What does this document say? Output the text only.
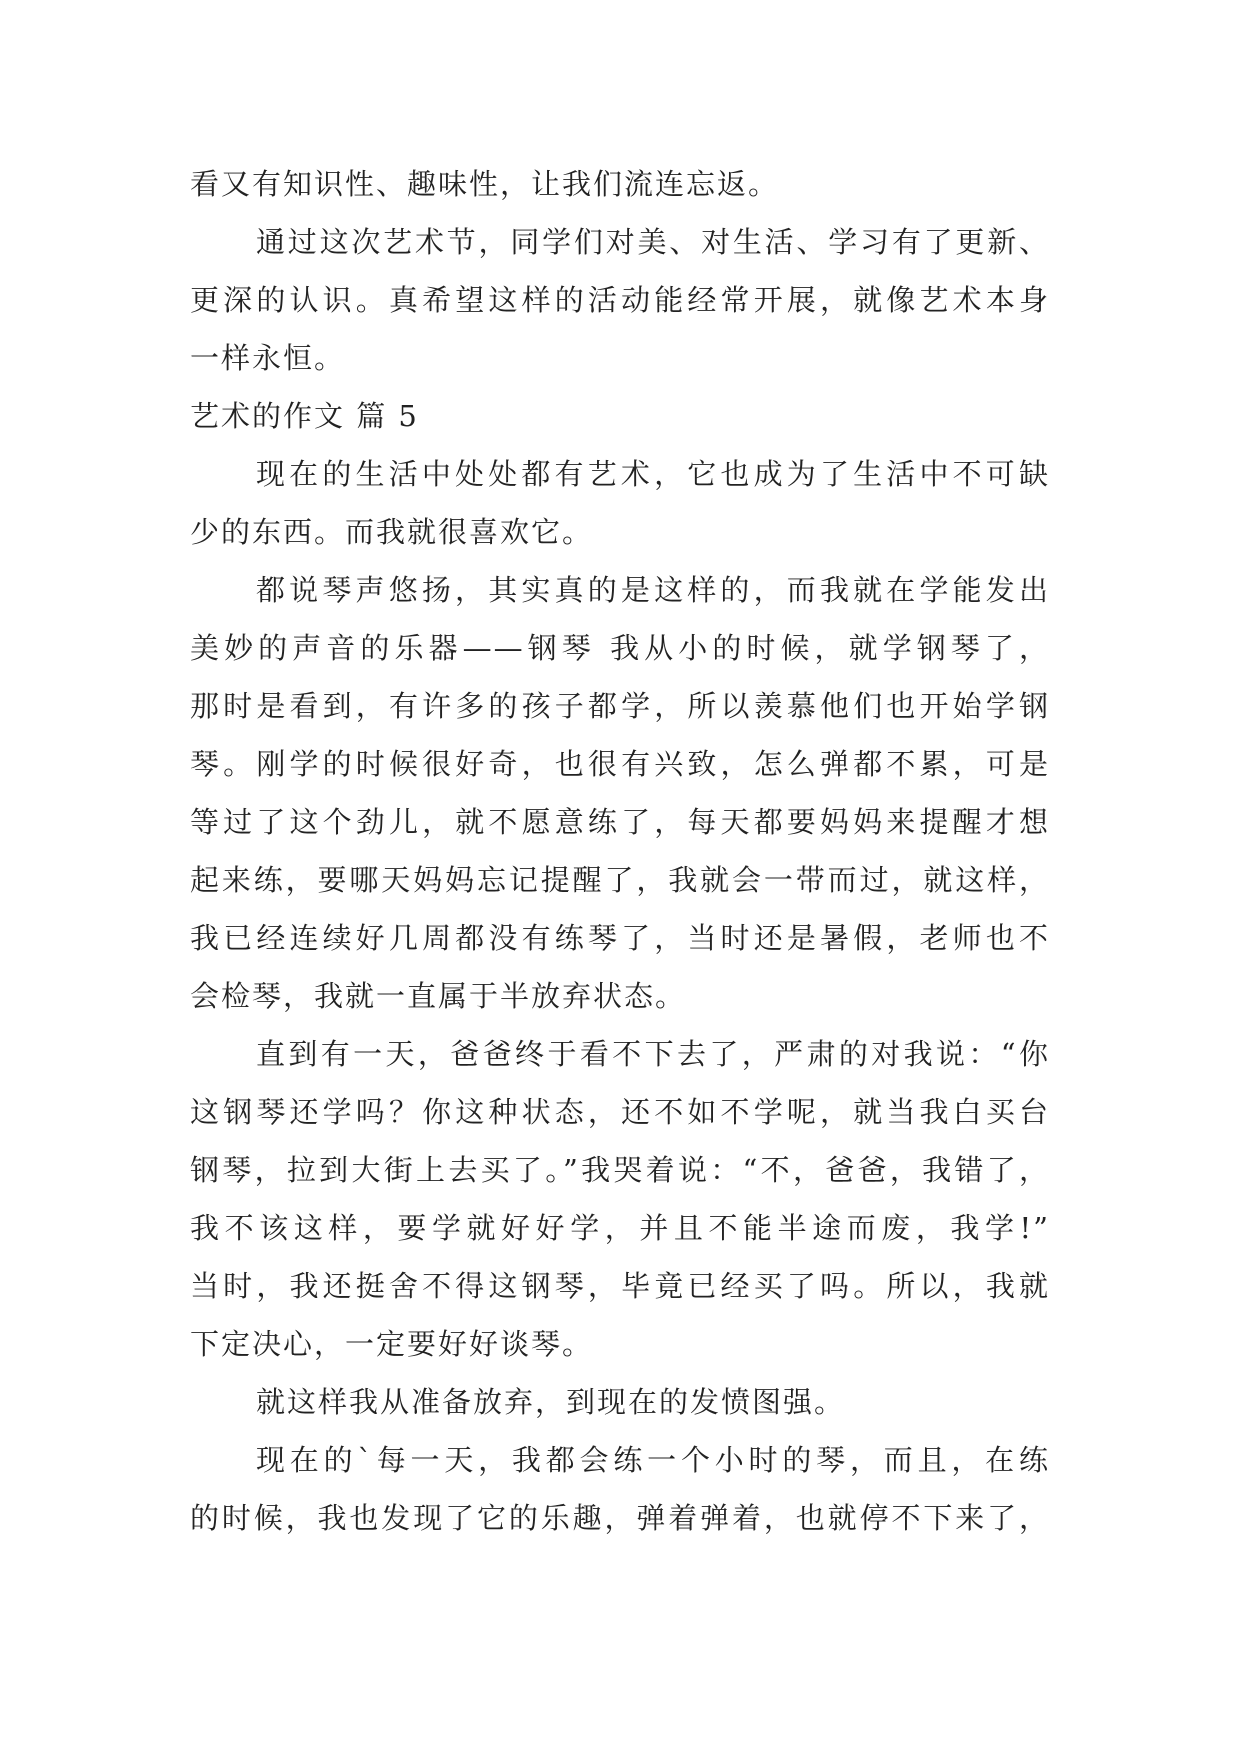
看又有知识性、趣味性，让我们流连忘返。
通过这次艺术节，同学们对美、对生活、学习有了更新、
更深的认识。真希望这样的活动能经常开展，就像艺术本身
一样永恒。
艺术的作文 篇 5
现在的生活中处处都有艺术，它也成为了生活中不可缺
少的东西。而我就很喜欢它。
都说琴声悠扬，其实真的是这样的，而我就在学能发出
美妙的声音的乐器——钢琴 我从小的时候，就学钢琴了，
那时是看到，有许多的孩子都学，所以羡慕他们也开始学钢
琴。刚学的时候很好奇，也很有兴致，怎么弹都不累，可是
等过了这个劲儿，就不愿意练了，每天都要妈妈来提醒才想
起来练，要哪天妈妈忘记提醒了，我就会一带而过，就这样，
我已经连续好几周都没有练琴了，当时还是暑假，老师也不
会检琴，我就一直属于半放弃状态。
直到有一天，爸爸终于看不下去了，严肃的对我说：“你
这钢琴还学吗？你这种状态，还不如不学呢，就当我白买台
钢琴，拉到大街上去买了。”我哭着说：“不，爸爸，我错了，
我不该这样，要学就好好学，并且不能半途而废，我学!”
当时，我还挺舍不得这钢琴，毕竟已经买了吗。所以，我就
下定决心，一定要好好谈琴。
就这样我从准备放弃，到现在的发愤图强。
现在的`每一天，我都会练一个小时的琴，而且，在练
的时候，我也发现了它的乐趣，弹着弹着，也就停不下来了，
